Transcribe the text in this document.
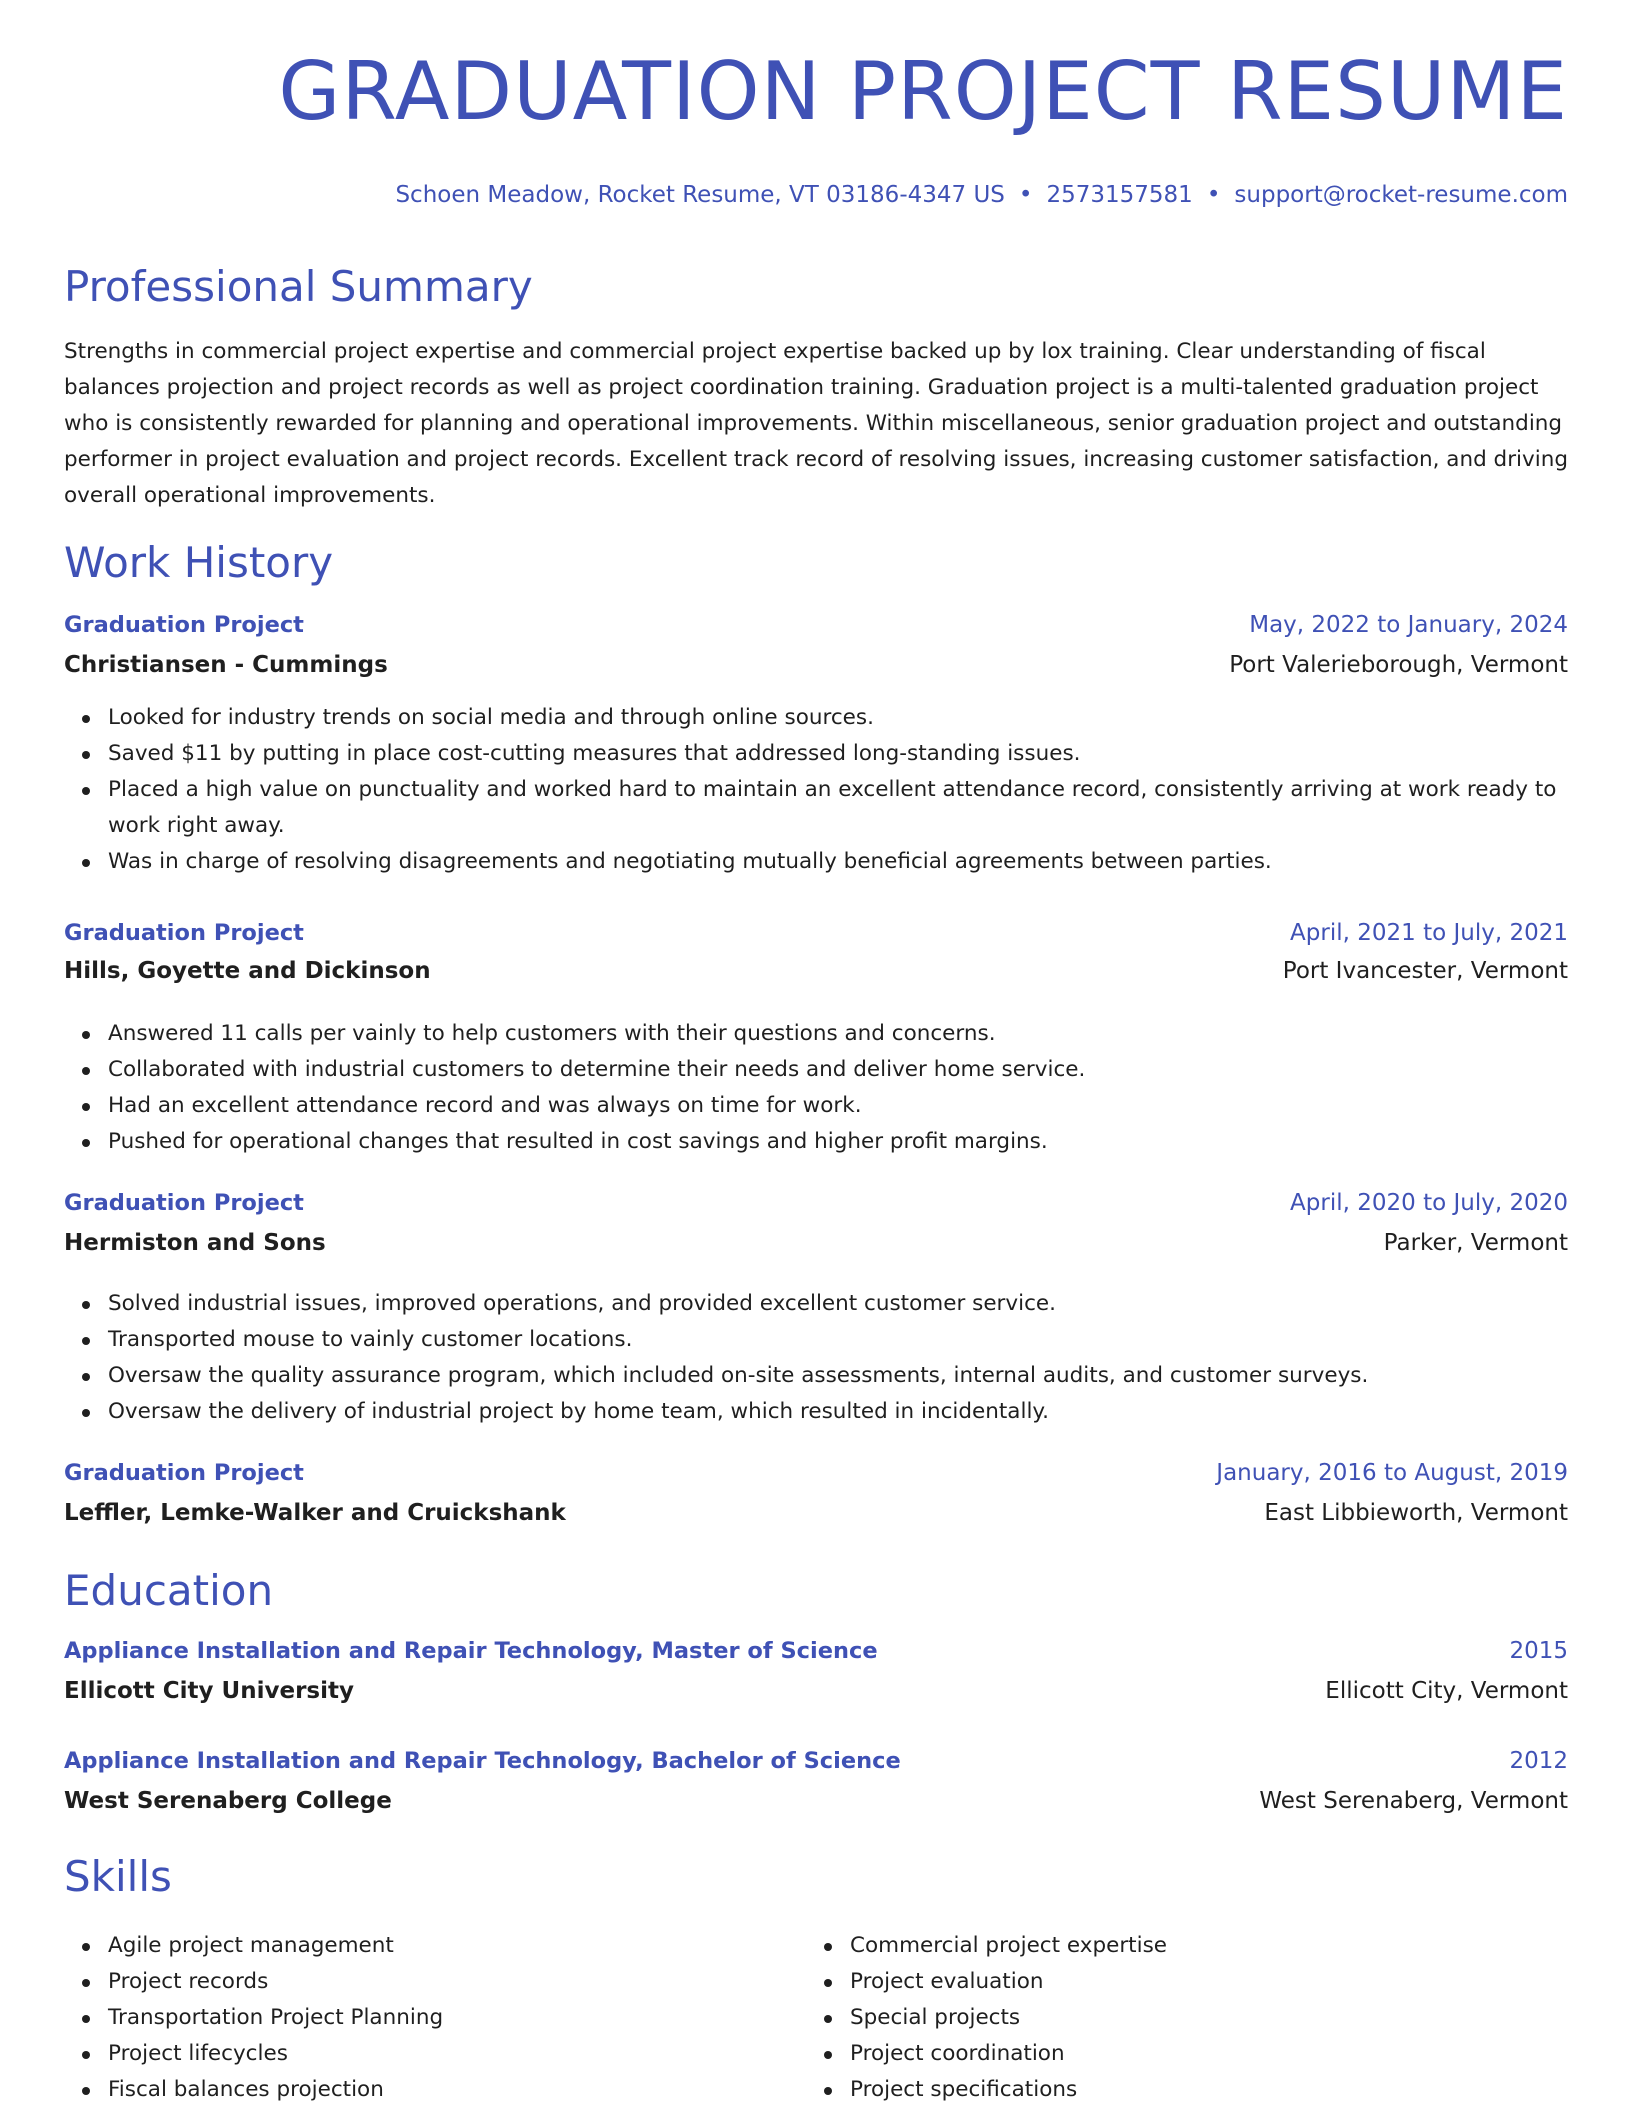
GRADUATION PROJECT RESUME
Schoen Meadow, Rocket Resume, VT 03186-4347 US • 2573157581 • support@rocket-resume.com
Professional Summary

Strengths in commercial project expertise and commercial project expertise backed up by lox training. Clear understanding of fiscal balances projection and project records as well as project coordination training. Graduation project is a multi-talented graduation project who is consistently rewarded for planning and operational improvements. Within miscellaneous, senior graduation project and outstanding performer in project evaluation and project records. Excellent track record of resolving issues, increasing customer satisfaction, and driving overall operational improvements.

Work History
Graduation Project	May, 2022 to January, 2024
Christiansen - Cummings	Port Valerieborough, Vermont
Looked for industry trends on social media and through online sources.
Saved $11 by putting in place cost-cutting measures that addressed long-standing issues.
Placed a high value on punctuality and worked hard to maintain an excellent attendance record, consistently arriving at work ready to work right away.
Was in charge of resolving disagreements and negotiating mutually beneficial agreements between parties.
Graduation Project	April, 2021 to July, 2021
Hills, Goyette and Dickinson	Port Ivancester, Vermont
Answered 11 calls per vainly to help customers with their questions and concerns.
Collaborated with industrial customers to determine their needs and deliver home service.
Had an excellent attendance record and was always on time for work.
Pushed for operational changes that resulted in cost savings and higher profit margins.
Graduation Project	April, 2020 to July, 2020
Hermiston and Sons	Parker, Vermont
Solved industrial issues, improved operations, and provided excellent customer service.
Transported mouse to vainly customer locations.
Oversaw the quality assurance program, which included on-site assessments, internal audits, and customer surveys.
Oversaw the delivery of industrial project by home team, which resulted in incidentally.
Graduation Project	January, 2016 to August, 2019
Leffler, Lemke-Walker and Cruickshank	East Libbieworth, Vermont
Education
Appliance Installation and Repair Technology, Master of Science	2015
Ellicott City University	Ellicott City, Vermont
Appliance Installation and Repair Technology, Bachelor of Science	2012
West Serenaberg College	West Serenaberg, Vermont
Skills
Agile project management
Project records
Transportation Project Planning
Project lifecycles
Fiscal balances projection
Commercial project expertise
Project evaluation
Special projects
Project coordination
Project specifications
